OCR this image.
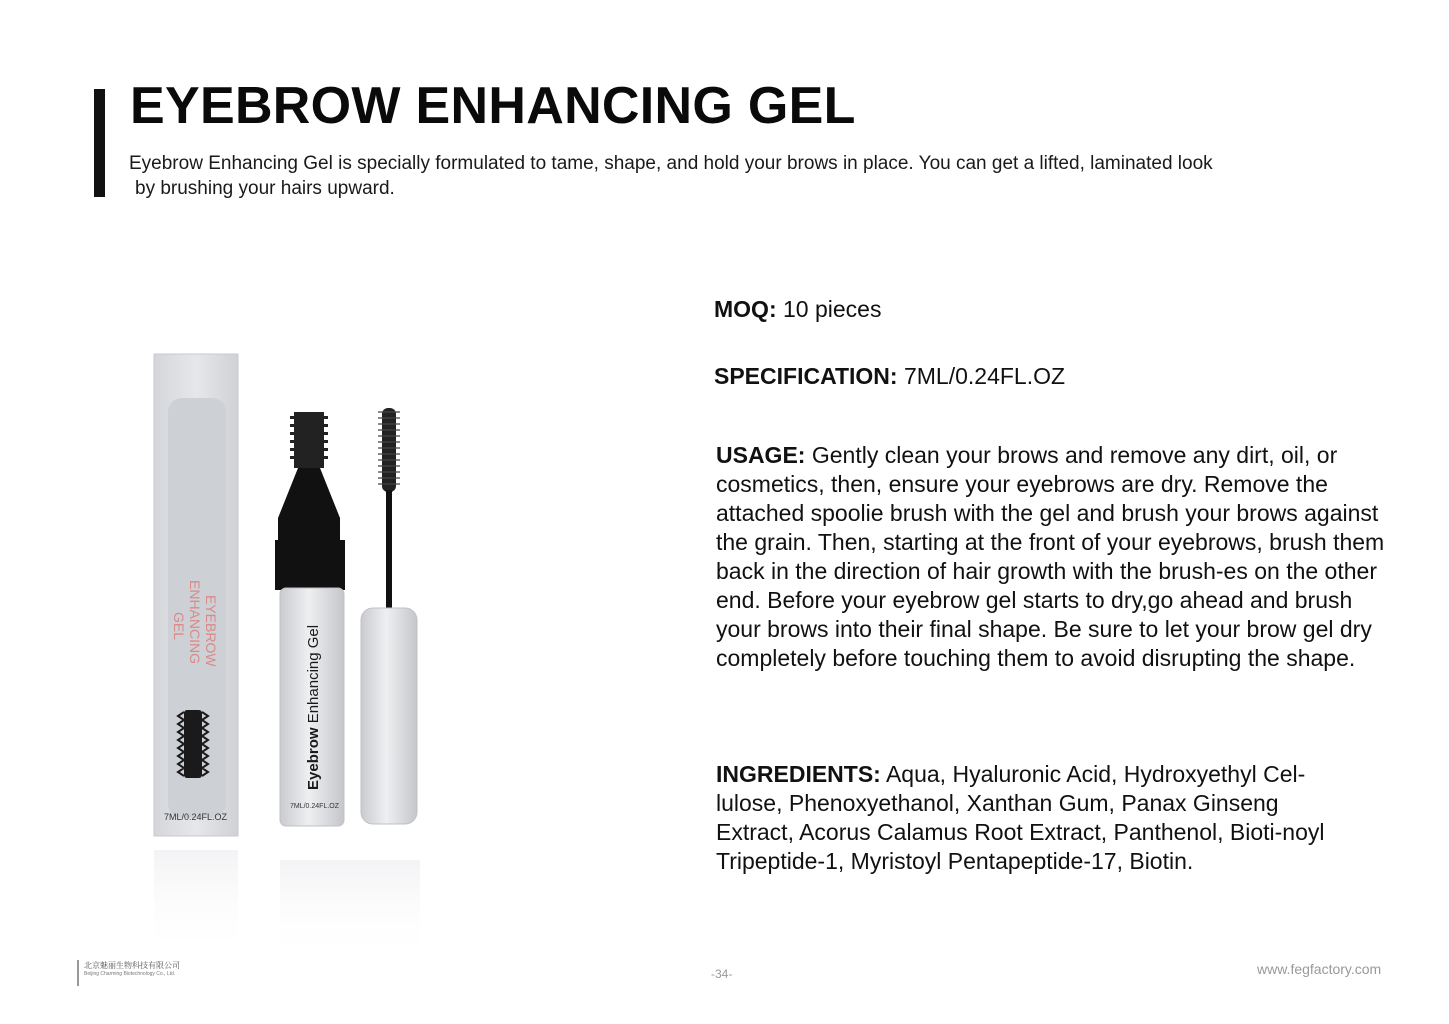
EYEBROW ENHANCING GEL

Eyebrow Enhancing Gel is specially formulated to tame, shape, and hold your brows in place. You can get a lifted, laminated look
by brushing your hairs upward.

EYEBROW
ENHANCING
GEL
7ML/0.24FL.OZ
Eyebrow Enhancing Gel
7ML/0.24FL.OZ
MOQ: 10 pieces
SPECIFICATION: 7ML/0.24FL.OZ

USAGE: Gently clean your brows and remove any dirt, oil, or cosmetics, then, ensure your eyebrows are dry. Remove the attached spoolie brush with the gel and brush your brows against the grain. Then, starting at the front of your eyebrows, brush them back in the direction of hair growth with the brush-es on the other end. Before your eyebrow gel starts to dry,go ahead and brush your brows into their final shape. Be sure to let your brow gel dry completely before touching them to avoid disrupting the shape.

INGREDIENTS: Aqua, Hyaluronic Acid, Hydroxyethyl Cel-lulose, Phenoxyethanol, Xanthan Gum, Panax Ginseng Extract, Acorus Calamus Root Extract, Panthenol, Bioti-noyl Tripeptide-1, Myristoyl Pentapeptide-17, Biotin.

北京魅丽生物科技有限公司
Beijing Charming Biotechnology Co., Ltd.	-34-	www.fegfactory.com
